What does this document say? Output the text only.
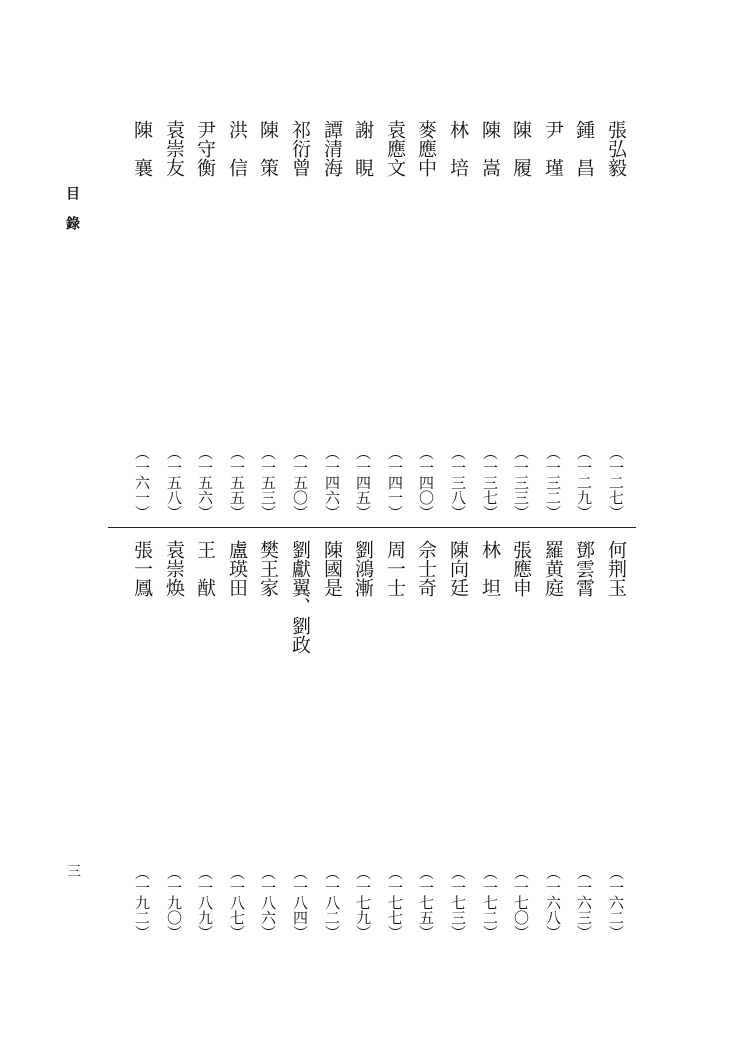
目錄
三
張弘毅
（一二七）
鍾　昌
（一二九）
尹　瑾
（一三二）
陳　履
（一三三）
陳　嵩
（一三七）
林　培
（一三八）
麥應中
（一四〇）
袁應文
（一四一）
謝　睍
（一四五）
譚清海
（一四六）
祁衍曾
（一五〇）
陳　策
（一五三）
洪　信
（一五五）
尹守衡
（一五六）
袁崇友
（一五八）
陳　襄
（一六一）
何荆玉
（一六二）
鄧雲霄
（一六三）
羅黄庭
（一六八）
張應申
（一七〇）
林　坦
（一七二）
陳向廷
（一七三）
佘士奇
（一七五）
周一士
（一七七）
劉鴻漸
（一七九）
陳國是
（一八二）
劉獻翼、劉政
（一八四）
樊王家
（一八六）
盧瑛田
（一八七）
王　猷
（一八九）
袁崇焕
（一九〇）
張一鳳
（一九二）
